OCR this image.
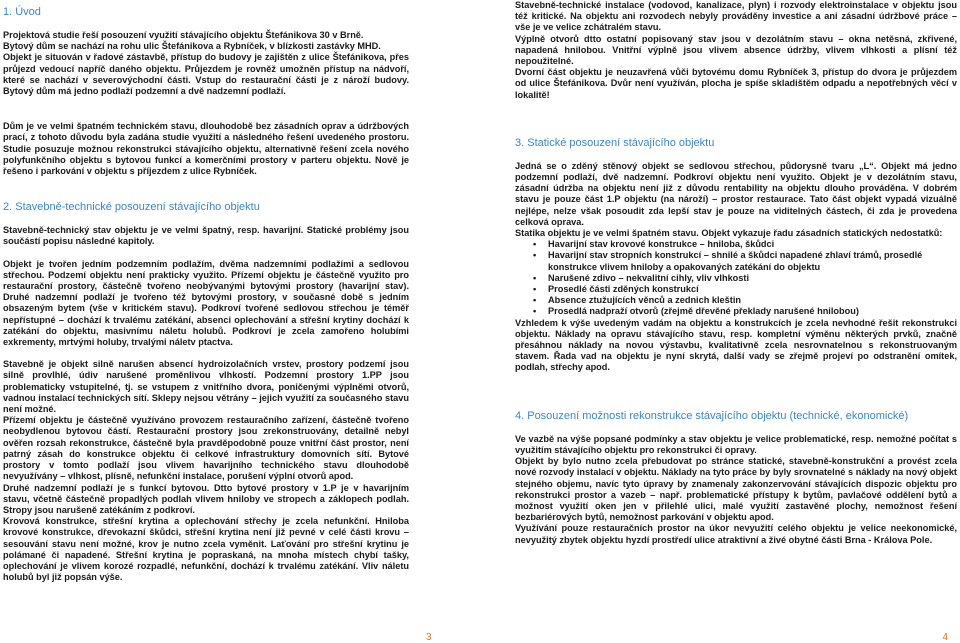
1. Úvod

Projektová studie řeší posouzení využití stávajícího objektu Štefánikova 30 v Brně.

Bytový dům se nachází na rohu ulic Štefánikova a Rybníček, v blízkosti zastávky MHD.

Objekt je situován v řadové zástavbě, přístup do budovy je zajištěn z ulice Štefánikova, přes průjezd vedoucí napříč daného objektu. Průjezdem je rovněž umožněn přístup na nádvoří, které se nachází v severovýchodní části. Vstup do restaurační části je z nároží budovy. Bytový dům má jedno podlaží podzemní a dvě nadzemní podlaží.

Dům je ve velmi špatném technickém stavu, dlouhodobě bez zásadních oprav a údržbových prací, z tohoto důvodu byla zadána studie využití a následného řešení uvedeného prostoru. Studie posuzuje možnou rekonstrukci stávajícího objektu, alternativně řešení zcela nového polyfunkčního objektu s bytovou funkcí a komerčními prostory v parteru objektu. Nově je řešeno i parkování v objektu s příjezdem z ulice Rybníček.

2. Stavebně-technické posouzení stávajícího objektu

Stavebně-technický stav objektu je ve velmi špatný, resp. havarijní. Statické problémy jsou součástí popisu následné kapitoly.

Objekt je tvořen jedním podzemním podlažím, dvěma nadzemními podlažími a sedlovou střechou. Podzemí objektu není prakticky využito. Přízemí objektu je částečně využito pro restaurační prostory, částečně tvořeno neobývanými bytovými prostory (havarijní stav). Druhé nadzemní podlaží je tvořeno též bytovými prostory, v současné době s jedním obsazeným bytem (vše v kritickém stavu). Podkroví tvořené sedlovou střechou je téměř nepřístupné – dochází k trvalému zatékání, absenci oplechování a střešní krytiny dochází k zatékání do objektu, masivnímu náletu holubů. Podkroví je zcela zamořeno holubími exkrementy, mrtvými holuby, trvalými náletv ptactva.

Stavebně je objekt silně narušen absencí hydroizolačních vrstev, prostory podzemí jsou silně provlhlé, údiv narušené proměnlivou vlhkostí. Podzemní prostory 1.PP jsou problematicky vstupitelné, tj. se vstupem z vnitřního dvora, poničenými výplněmi otvorů, vadnou instalací technických sítí. Sklepy nejsou větrány – jejich využití za současného stavu není možné.

Přízemí objektu je částečně využíváno provozem restauračního zařízení, částečně tvořeno neobydlenou bytovou částí. Restaurační prostory jsou zrekonstruovány, detailně nebyl ověřen rozsah rekonstrukce, částečně byla pravděpodobně pouze vnitřní část prostor, není patrný zásah do konstrukce objektu či celkové infrastruktury domovních sítí. Bytové prostory v tomto podlaží jsou vlivem havarijního technického stavu dlouhodobě nevyužívány – vlhkost, plísně, nefunkční instalace, porušení výplní otvorů apod.

Druhé nadzemní podlaží je s funkcí bytovou. Dtto bytové prostory v 1.P je v havarijním stavu, včetně částečně propadlých podlah vlivem hniloby ve stropech a záklopech podlah. Stropy jsou narušeně zatékáním z podkroví.

Krovová konstrukce, střešní krytina a oplechování střechy je zcela nefunkční. Hniloba krovové konstrukce, dřevokazní škůdci, střešní krytina není již pevné v celé části krovu – sesouvání stavu není možné, krov je nutno zcela vyměnit. Laťování pro střešní krytinu je polámané či napadené. Střešní krytina je popraskaná, na mnoha místech chybí tašky, oplechování je vlivem korozé rozpadlé, nefunkční, dochází k trvalému zatékání. Vliv náletu holubů byl již popsán výše.

3

Stavebně-technické instalace (vodovod, kanalizace, plyn) i rozvody elektroinstalace v objektu jsou též kritické. Na objektu ani rozvodech nebyly prováděny investice a ani zásadní údržbové práce – vše je ve velice zchátralém stavu.

Výplně otvorů dtto ostatní popisovaný stav jsou v dezolátním stavu – okna netěsná, zkřivené, napadená hnilobou. Vnitřní výplně jsou vlivem absence údržby, vlivem vlhkosti a plísní též nepoužitelné.

Dvorní část objektu je neuzavřená vůči bytovému domu Rybníček 3, přístup do dvora je průjezdem od ulice Štefánikova. Dvůr není využíván, plocha je spíše skladištěm odpadu a nepotřebných věcí v lokalitě!

3. Statické posouzení stávajícího objektu

Jedná se o zděný stěnový objekt se sedlovou střechou, půdorysně tvaru „L“. Objekt má jedno podzemní podlaží, dvě nadzemní. Podkroví objektu není využito. Objekt je v dezolátním stavu, zásadní údržba na objektu není již z důvodu rentability na objektu dlouho prováděna. V dobrém stavu je pouze část 1.P objektu (na nároží) – prostor restaurace. Tato část objekt vypadá vizuálně nejlépe, nelze však posoudit zda lepší stav je pouze na viditelných částech, či zda je provedena celková oprava.

Statika objektu je ve velmi špatném stavu. Objekt vykazuje řadu zásadních statických nedostatků:

• Havarijní stav krovové konstrukce – hniloba, škůdci
• Havarijní stav stropních konstrukcí – shnilé a škůdci napadené zhlaví trámů, prosedlé konstrukce vlivem hniloby a opakovaných zatékání do objektu
• Narušené zdivo – nekvalitní cihly, vliv vlhkosti
• Prosedlé části zděných konstrukcí
• Absence ztužujících věnců a zednich kleštin
• Prosedlá nadpraží otvorů (zřejmě dřevěné překlady narušené hnilobou)

Vzhledem k výše uvedeným vadám na objektu a konstrukcích je zcela nevhodné řešit rekonstrukci objektu. Náklady na opravu stávajícího stavu, resp. kompletní výměnu některých prvků, značně přesáhnou náklady na novou výstavbu, kvalitativně zcela nesrovnatelnou s rekonstruovaným stavem. Řada vad na objektu je nyní skrytá, další vady se zřejmě projeví po odstranění omítek, podlah, střechy apod.

4. Posouzení možnosti rekonstrukce stávajícího objektu (technické, ekonomické)

Ve vazbě na výše popsané podmínky a stav objektu je velice problematické, resp. nemožné počítat s využitím stávajícího objektu pro rekonstrukci či opravy.

Objekt by bylo nutno zcela přebudovat po stránce statické, stavebně-konstrukční a provést zcela nové rozvody instalací v objektu. Náklady na tyto práce by byly srovnatelné s náklady na nový objekt stejného objemu, navíc tyto úpravy by znamenaly zakonzervování stávajících dispozic objektu pro rekonstrukci prostor a vazeb – např. problematické přístupy k bytům, pavlačové oddělení bytů a možnost využití oken jen v přilehlé ulici, malé využití zastavěné plochy, nemožnost řešení bezbariérových bytů, nemožnost parkování v objektu apod.

Využívání pouze restauračních prostor na úkor nevyužití celého objektu je velice neekonomické, nevyužitý zbytek objektu hyzdí prostředí ulice atraktivní a živé obytné části Brna - Králova Pole.

4
